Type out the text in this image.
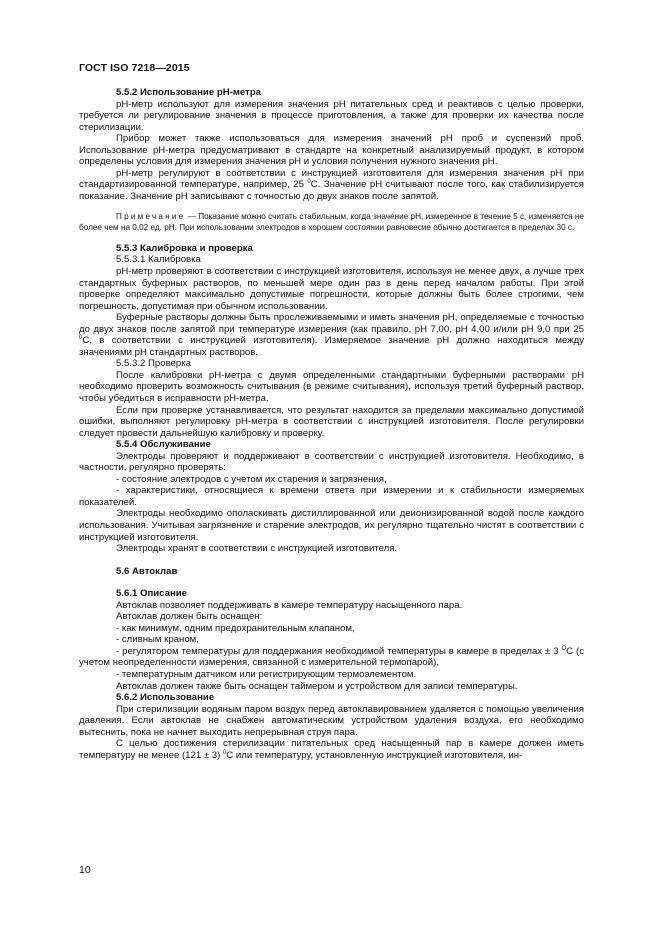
ГОСТ ISO 7218—2015

5.5.2 Использование pH-метра

pH-метр используют для измерения значения pH питательных сред и реактивов с целью проверки, требуется ли регулирование значения в процессе приготовления, а также для проверки их качества после стерилизации.

Прибор может также использоваться для измерения значений pH проб и суспензий проб. Использование pH-метра предусматривают в стандарте на конкретный анализируемый продукт, в котором определены условия для измерения значения pH и условия получения нужного значения pH.

pH-метр регулируют в соответствии с инструкцией изготовителя для измерения значения pH при стандартизированной температуре, например, 25 $^0$С. Значение pH считывают после того, как стабилизируется показание. Значение pH записывают с точностью до двух знаков после запятой.

Примечание — Показание можно считать стабильным, когда значение pH, измеренное в течение 5 с, изменяется не более чем на 0,02 ед. pH. При использовании электродов в хорошем состоянии равновесие обычно достигается в пределах 30 с.

5.5.3 Калибровка и проверка

5.5.3.1 Калибровка

pH-метр проверяют в соответствии с инструкцией изготовителя, используя не менее двух, а лучше трех стандартных буферных растворов, по меньшей мере один раз в день перед началом работы. При этой проверке определяют максимально допустимые погрешности, которые должны быть более строгими, чем погрешность, допустимая при обычном использовании.

Буферные растворы должны быть прослеживаемыми и иметь значения pH, определяемые с точностью до двух знаков после запятой при температуре измерения (как правило, pH 7,00, pH 4,00 и/или pH 9,0 при 25 $^0$С, в соответствии с инструкцией изготовителя). Измеряемое значение pH должно находиться между значениями pH стандартных растворов.

5.5.3.2 Проверка

После калибровки pH-метра с двумя определенными стандартными буферными растворами pH необходимо проверить возможность считывания (в режиме считывания), используя третий буферный раствор, чтобы убедиться в исправности pH-метра.

Если при проверке устанавливается, что результат находится за пределами максимально допустимой ошибки, выполняют регулировку pH-метра в соответствии с инструкцией изготовителя. После регулировки следует провести дальнейшую калибровку и проверку.

5.5.4 Обслуживание

Электроды проверяют и поддерживают в соответствии с инструкцией изготовителя. Необходимо, в частности, регулярно проверять:

- состояние электродов с учетом их старения и загрязнения,

- характеристики, относящиеся к времени ответа при измерении и к стабильности измеряемых показателей.

Электроды необходимо ополаскивать дистиллированной или деионизированной водой после каждого использования. Учитывая загрязнение и старение электродов, их регулярно тщательно чистят в соответствии с инструкцией изготовителя.

Электроды хранят в соответствии с инструкцией изготовителя.

5.6 Автоклав

5.6.1 Описание

Автоклав позволяет поддерживать в камере температуру насыщенного пара.

Автоклав должен быть оснащен:

- как минимум, одним предохранительным клапаном,

- сливным краном,

- регулятором температуры для поддержания необходимой температуры в камере в пределах ± 3 $^О$С (с учетом неопределенности измерения, связанной с измерительной термопарой),

- температурным датчиком или регистрирующим термоэлементом.

Автоклав должен также быть оснащен таймером и устройством для записи температуры.

5.6.2 Использование

При стерилизации водяным паром воздух перед автоклавированием удаляется с помощью увеличения давления. Если автоклав не снабжен автоматическим устройством удаления воздуха, его необходимо вытеснить, пока не начнет выходить непрерывная струя пара.

С целью достижения стерилизации питательных сред насыщенный пар в камере должен иметь температуру не менее (121 ± 3) $^0$С или температуру, установленную инструкцией изготовителя, ин-

10
